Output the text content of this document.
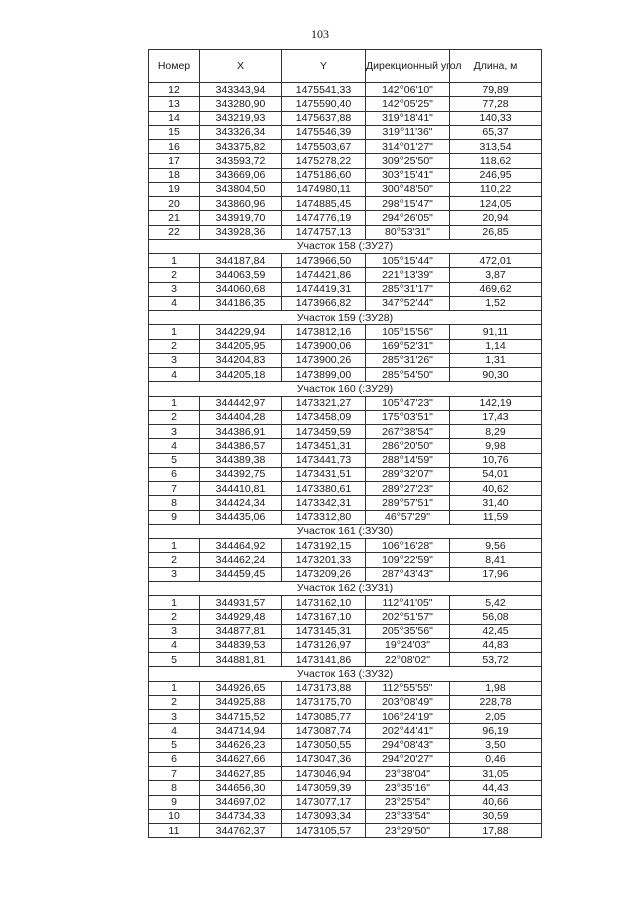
103
Номер	X	Y	Дирекционный угол	Длина, м
12	343343,94	1475541,33	142°06'10"	79,89
13	343280,90	1475590,40	142°05'25"	77,28
14	343219,93	1475637,88	319°18'41"	140,33
15	343326,34	1475546,39	319°11'36"	65,37
16	343375,82	1475503,67	314°01'27"	313,54
17	343593,72	1475278,22	309°25'50"	118,62
18	343669,06	1475186,60	303°15'41"	246,95
19	343804,50	1474980,11	300°48'50"	110,22
20	343860,96	1474885,45	298°15'47"	124,05
21	343919,70	1474776,19	294°26'05"	20,94
22	343928,36	1474757,13	80°53'31"	26,85
Участок 158 (:ЗУ27)				
1	344187,84	1473966,50	105°15'44"	472,01
2	344063,59	1474421,86	221°13'39"	3,87
3	344060,68	1474419,31	285°31'17"	469,62
4	344186,35	1473966,82	347°52'44"	1,52
Участок 159 (:ЗУ28)				
1	344229,94	1473812,16	105°15'56"	91,11
2	344205,95	1473900,06	169°52'31"	1,14
3	344204,83	1473900,26	285°31'26"	1,31
4	344205,18	1473899,00	285°54'50"	90,30
Участок 160 (:ЗУ29)				
1	344442,97	1473321,27	105°47'23"	142,19
2	344404,28	1473458,09	175°03'51"	17,43
3	344386,91	1473459,59	267°38'54"	8,29
4	344386,57	1473451,31	286°20'50"	9,98
5	344389,38	1473441,73	288°14'59"	10,76
6	344392,75	1473431,51	289°32'07"	54,01
7	344410,81	1473380,61	289°27'23"	40,62
8	344424,34	1473342,31	289°57'51"	31,40
9	344435,06	1473312,80	46°57'29"	11,59
Участок 161 (:ЗУ30)				
1	344464,92	1473192,15	106°16'28"	9,56
2	344462,24	1473201,33	109°22'59"	8,41
3	344459,45	1473209,26	287°43'43"	17,96
Участок 162 (:ЗУ31)				
1	344931,57	1473162,10	112°41'05"	5,42
2	344929,48	1473167,10	202°51'57"	56,08
3	344877,81	1473145,31	205°35'56"	42,45
4	344839,53	1473126,97	19°24'03"	44,83
5	344881,81	1473141,86	22°08'02"	53,72
Участок 163 (:ЗУ32)				
1	344926,65	1473173,88	112°55'55"	1,98
2	344925,88	1473175,70	203°08'49"	228,78
3	344715,52	1473085,77	106°24'19"	2,05
4	344714,94	1473087,74	202°44'41"	96,19
5	344626,23	1473050,55	294°08'43"	3,50
6	344627,66	1473047,36	294°20'27"	0,46
7	344627,85	1473046,94	23°38'04"	31,05
8	344656,30	1473059,39	23°35'16"	44,43
9	344697,02	1473077,17	23°25'54"	40,66
10	344734,33	1473093,34	23°33'54"	30,59
11	344762,37	1473105,57	23°29'50"	17,88
